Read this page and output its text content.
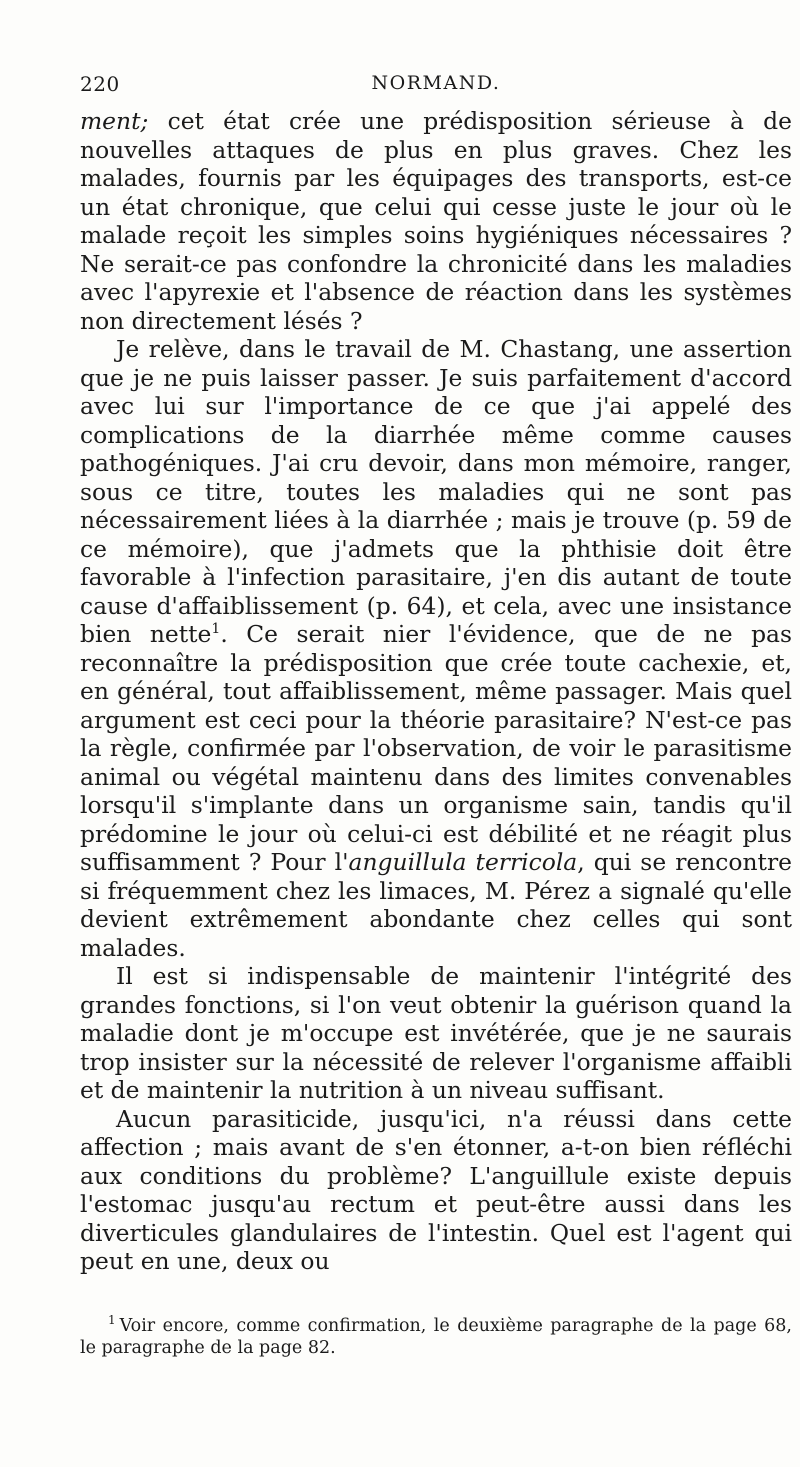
220	NORMAND.

ment; cet état crée une prédisposition sérieuse à de nouvelles attaques de plus en plus graves. Chez les malades, fournis par les équipages des transports, est-ce un état chronique, que celui qui cesse juste le jour où le malade reçoit les simples soins hygiéniques nécessaires ? Ne serait-ce pas confondre la chronicité dans les maladies avec l'apyrexie et l'absence de réaction dans les systèmes non directement lésés ?

Je relève, dans le travail de M. Chastang, une assertion que je ne puis laisser passer. Je suis parfaitement d'accord avec lui sur l'importance de ce que j'ai appelé des complications de la diarrhée même comme causes pathogéniques. J'ai cru devoir, dans mon mémoire, ranger, sous ce titre, toutes les maladies qui ne sont pas nécessairement liées à la diarrhée ; mais je trouve (p. 59 de ce mémoire), que j'admets que la phthisie doit être favorable à l'infection parasitaire, j'en dis autant de toute cause d'affaiblissement (p. 64), et cela, avec une insistance bien nette$^1$. Ce serait nier l'évidence, que de ne pas reconnaître la prédisposition que crée toute cachexie, et, en général, tout affaiblissement, même passager. Mais quel argument est ceci pour la théorie parasitaire? N'est-ce pas la règle, confirmée par l'observation, de voir le parasitisme animal ou végétal maintenu dans des limites convenables lorsqu'il s'implante dans un organisme sain, tandis qu'il prédomine le jour où celui-ci est débilité et ne réagit plus suffisamment ? Pour l'anguillula terricola, qui se rencontre si fréquemment chez les limaces, M. Pérez a signalé qu'elle devient extrêmement abondante chez celles qui sont malades.

Il est si indispensable de maintenir l'intégrité des grandes fonctions, si l'on veut obtenir la guérison quand la maladie dont je m'occupe est invétérée, que je ne saurais trop insister sur la nécessité de relever l'organisme affaibli et de maintenir la nutrition à un niveau suffisant.

Aucun parasiticide, jusqu'ici, n'a réussi dans cette affection ; mais avant de s'en étonner, a-t-on bien réfléchi aux conditions du problème? L'anguillule existe depuis l'estomac jusqu'au rectum et peut-être aussi dans les diverticules glandulaires de l'intestin. Quel est l'agent qui peut en une, deux ou

$^1$ Voir encore, comme confirmation, le deuxième paragraphe de la page 68, le paragraphe de la page 82.
